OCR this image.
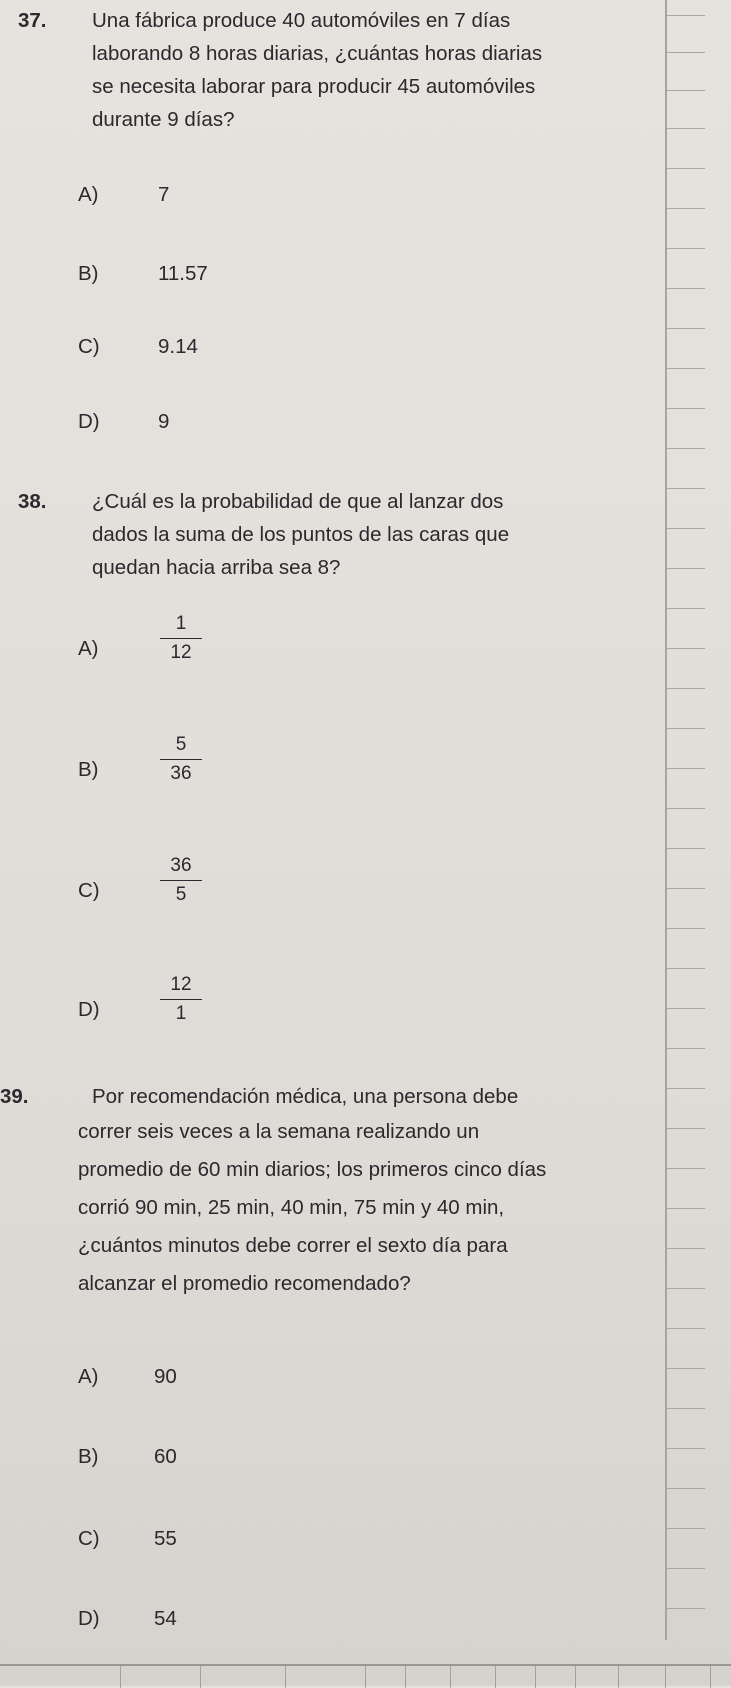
37. Una fábrica produce 40 automóviles en 7 días
laborando 8 horas diarias, ¿cuántas horas diarias
se necesita laborar para producir 45 automóviles
durante 9 días?
A)	7
B)	11.57
C)	9.14
D)	9
38. ¿Cuál es la probabilidad de que al lanzar dos
dados la suma de los puntos de las caras que
quedan hacia arriba sea 8?
A)
1
12
B)
5
36
C)
36
5
D)
12
1
39.	Por recomendación médica, una persona debe
correr seis veces a la semana realizando un
promedio de 60 min diarios; los primeros cinco días
corrió 90 min, 25 min, 40 min, 75 min y 40 min,
¿cuántos minutos debe correr el sexto día para
alcanzar el promedio recomendado?
A)	90
B)	60
C)	55
D)	54
